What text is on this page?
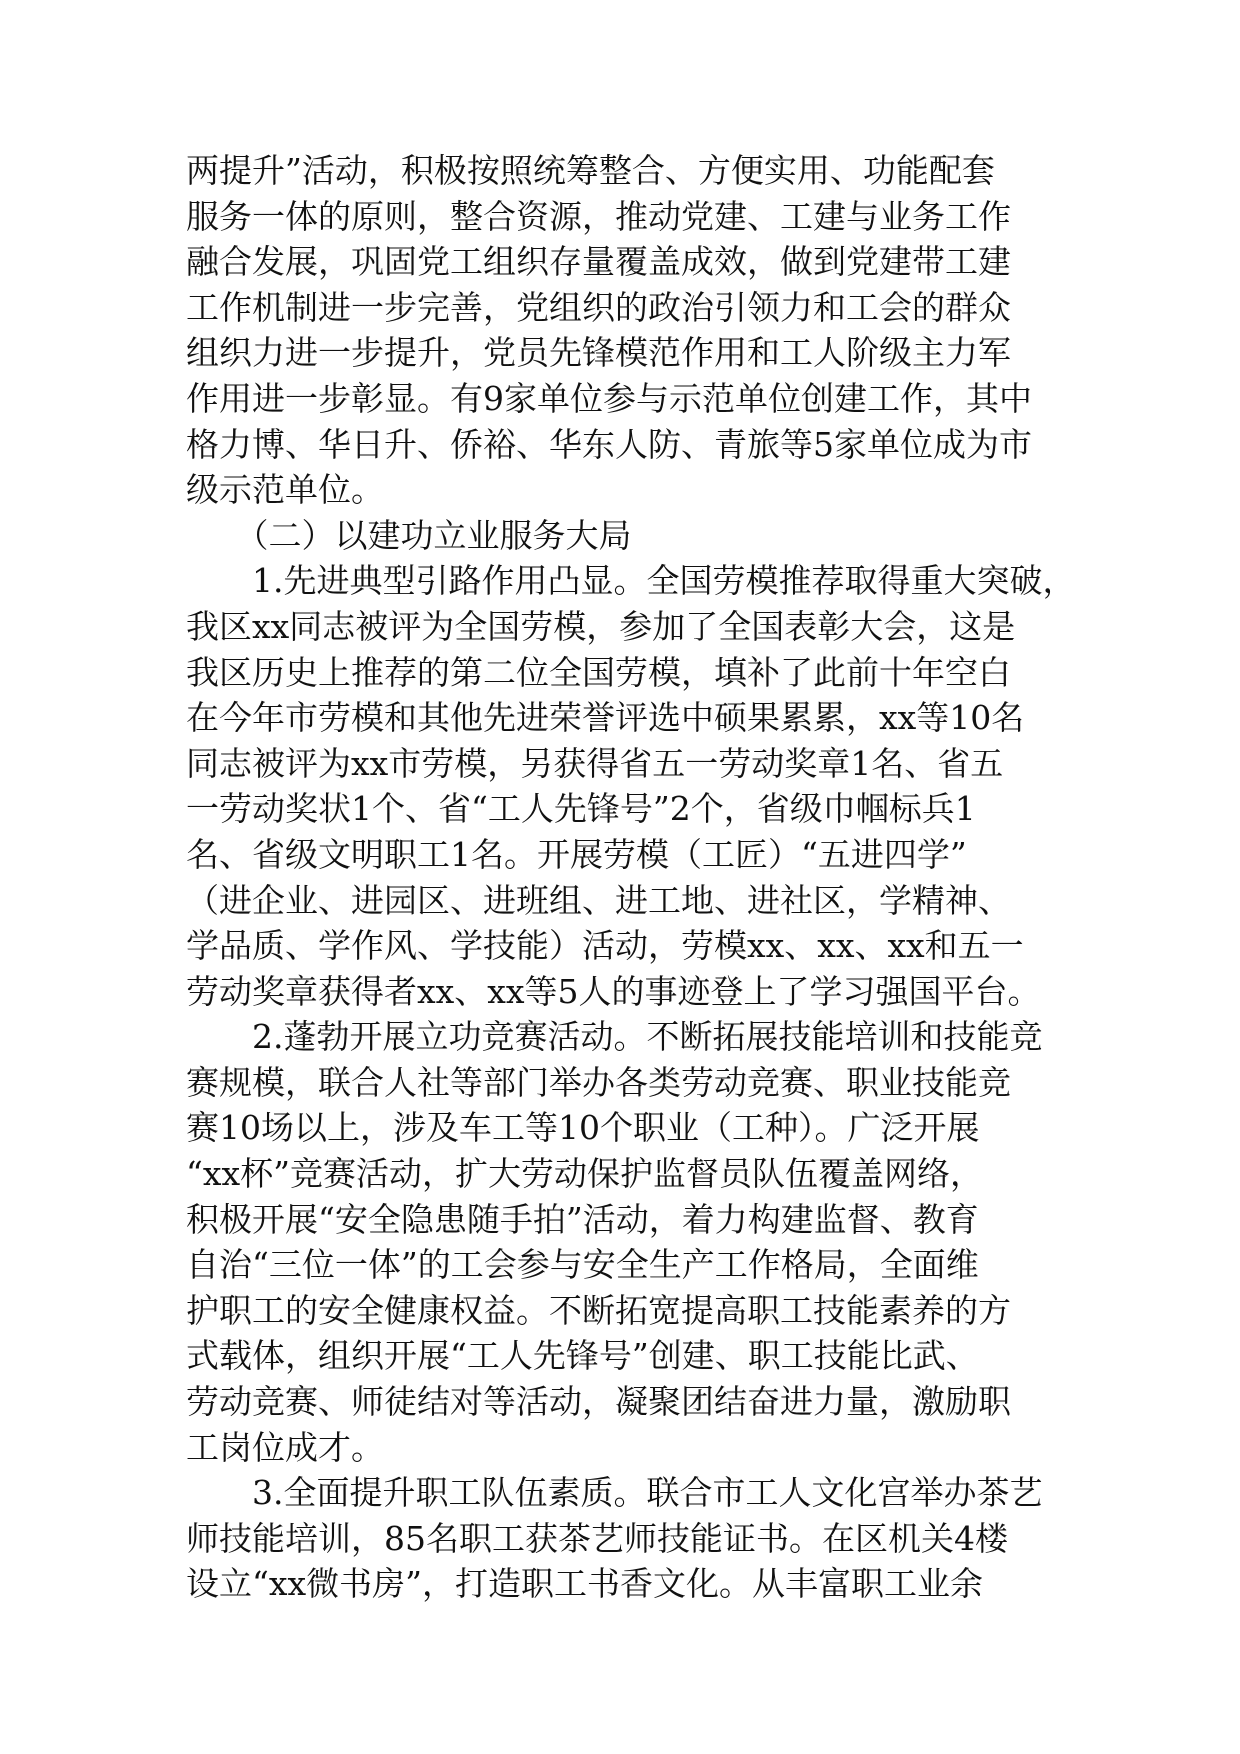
两提升”活动，积极按照统筹整合、方便实用、功能配套
服务一体的原则，整合资源，推动党建、工建与业务工作
融合发展，巩固党工组织存量覆盖成效，做到党建带工建
工作机制进一步完善，党组织的政治引领力和工会的群众
组织力进一步提升，党员先锋模范作用和工人阶级主力军
作用进一步彰显。有9家单位参与示范单位创建工作，其中
格力博、华日升、侨裕、华东人防、青旅等5家单位成为市
级示范单位。
　　（二）以建功立业服务大局
　　1.先进典型引路作用凸显。全国劳模推荐取得重大突破，
我区xx同志被评为全国劳模，参加了全国表彰大会，这是
我区历史上推荐的第二位全国劳模，填补了此前十年空白
在今年市劳模和其他先进荣誉评选中硕果累累，xx等10名
同志被评为xx市劳模，另获得省五一劳动奖章1名、省五
一劳动奖状1个、省“工人先锋号”2个，省级巾帼标兵1
名、省级文明职工1名。开展劳模（工匠）“五进四学”
（进企业、进园区、进班组、进工地、进社区，学精神、
学品质、学作风、学技能）活动，劳模xx、xx、xx和五一
劳动奖章获得者xx、xx等5人的事迹登上了学习强国平台。
　　2.蓬勃开展立功竞赛活动。不断拓展技能培训和技能竞
赛规模，联合人社等部门举办各类劳动竞赛、职业技能竞
赛10场以上，涉及车工等10个职业（工种）。广泛开展
“xx杯”竞赛活动，扩大劳动保护监督员队伍覆盖网络，
积极开展“安全隐患随手拍”活动，着力构建监督、教育
自治“三位一体”的工会参与安全生产工作格局，全面维
护职工的安全健康权益。不断拓宽提高职工技能素养的方
式载体，组织开展“工人先锋号”创建、职工技能比武、
劳动竞赛、师徒结对等活动，凝聚团结奋进力量，激励职
工岗位成才。
　　3.全面提升职工队伍素质。联合市工人文化宫举办茶艺
师技能培训，85名职工获茶艺师技能证书。在区机关4楼
设立“xx微书房”，打造职工书香文化。从丰富职工业余
